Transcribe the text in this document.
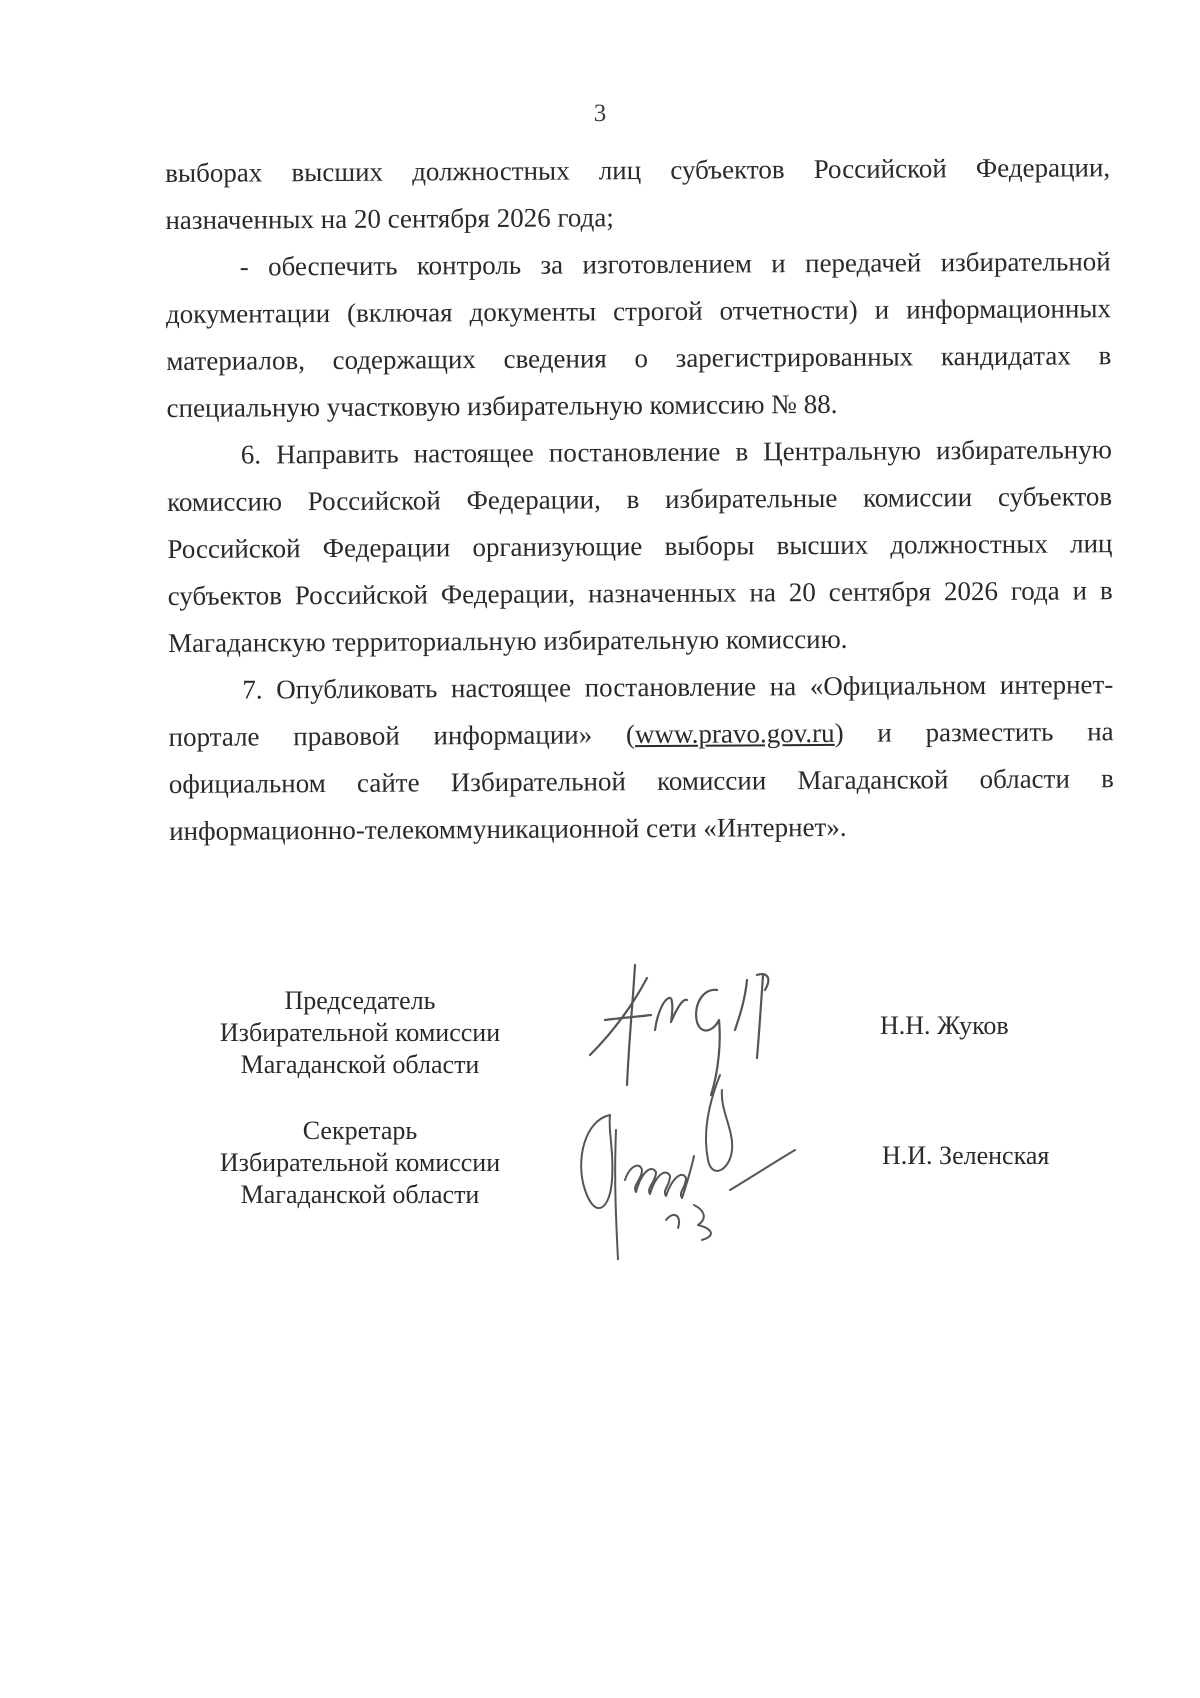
3

выборах высших должностных лиц субъектов Российской Федерации, назначенных на 20 сентября 2026 года;

- обеспечить контроль за изготовлением и передачей избирательной документации (включая документы строгой отчетности) и информационных материалов, содержащих сведения о зарегистрированных кандидатах в специальную участковую избирательную комиссию № 88.

6. Направить настоящее постановление в Центральную избирательную комиссию Российской Федерации, в избирательные комиссии субъектов Российской Федерации организующие выборы высших должностных лиц субъектов Российской Федерации, назначенных на 20 сентября 2026 года и в Магаданскую территориальную избирательную комиссию.

7. Опубликовать настоящее постановление на «Официальном интернет-портале правовой информации» (www.pravo.gov.ru) и разместить на официальном сайте Избирательной комиссии Магаданской области в информационно-телекоммуникационной сети «Интернет».

Председатель
Избирательной комиссии
Магаданской области
Н.Н. Жуков
Секретарь
Избирательной комиссии
Магаданской области
Н.И. Зеленская
